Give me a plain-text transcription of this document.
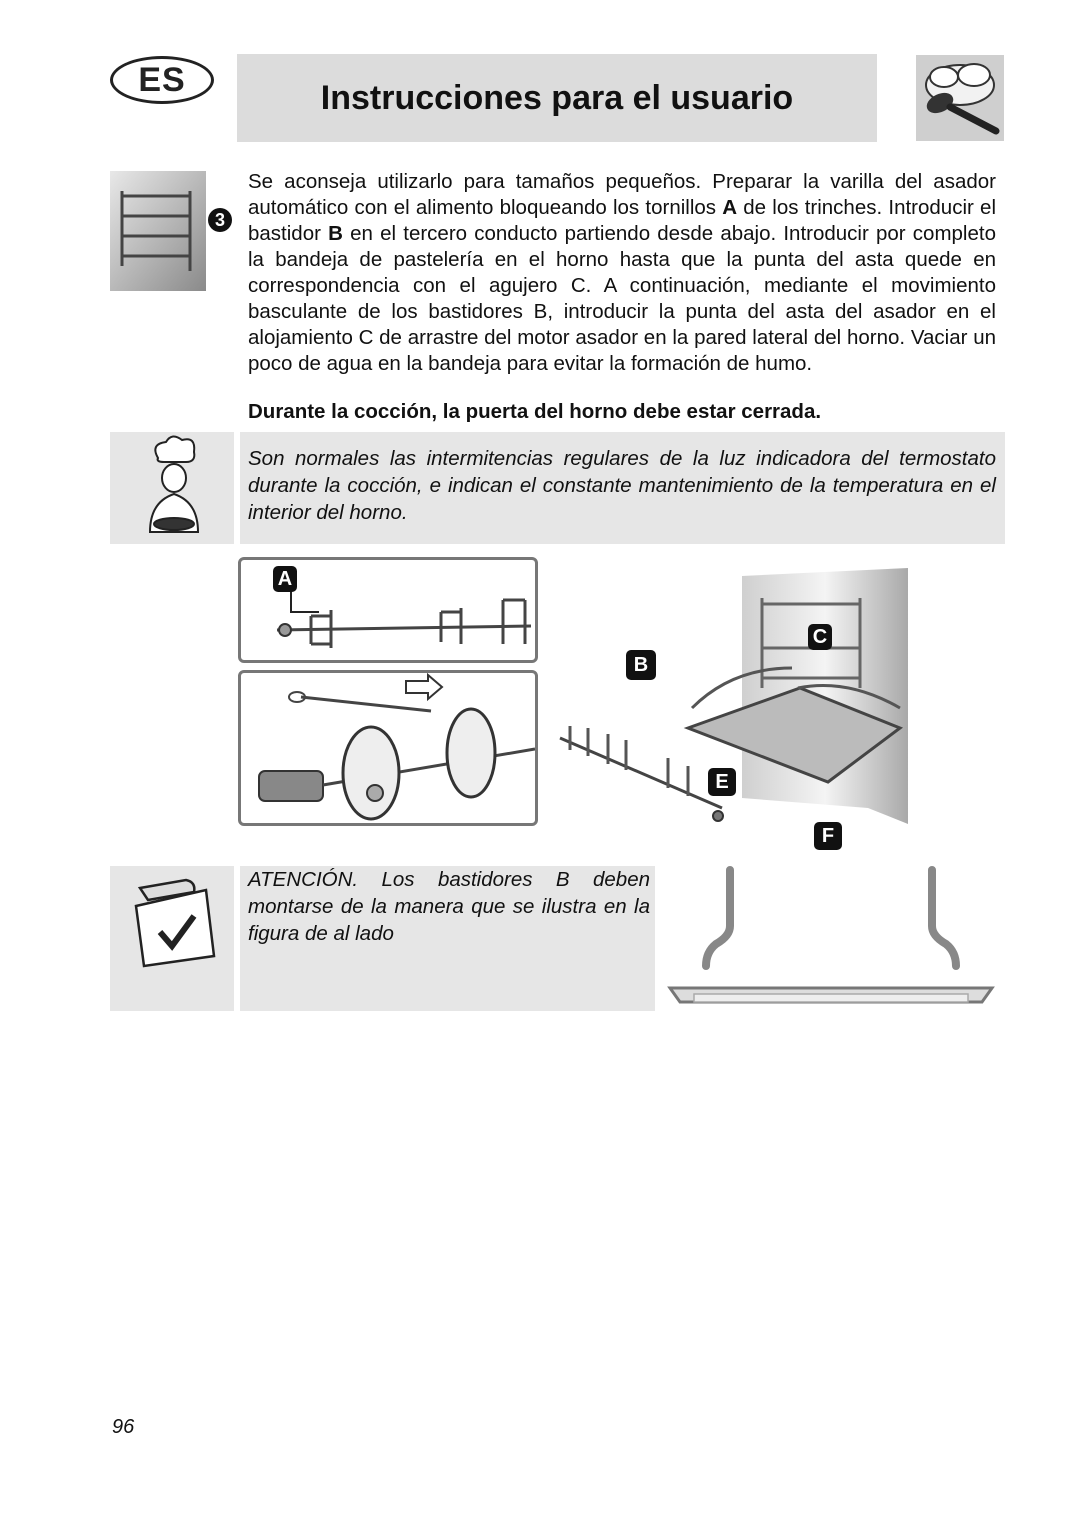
ES	Instrucciones para el usuario
3
Se aconseja utilizarlo para tamaños pequeños. Preparar la varilla del asador automático con el alimento bloqueando los tornillos A de los trinches. Introducir el bastidor B en el tercero conducto partiendo desde abajo. Introducir por completo la bandeja de pastelería en el horno hasta que la punta del asta quede en correspondencia con el agujero C. A continuación, mediante el movimiento basculante de los bastidores B, introducir la punta del asta del asador en el alojamiento C de arrastre del motor asador en la pared lateral del horno. Vaciar un poco de agua en la bandeja para evitar la formación de humo.
Durante la cocción, la puerta del horno debe estar cerrada.
Son normales las intermitencias regulares de la luz indicadora del termostato durante la cocción, e indican el constante mantenimiento de la temperatura en el interior del horno.
A
B
C
E
F
ATENCIÓN. Los bastidores B deben montarse de la manera que se ilustra en la figura de al lado
96
